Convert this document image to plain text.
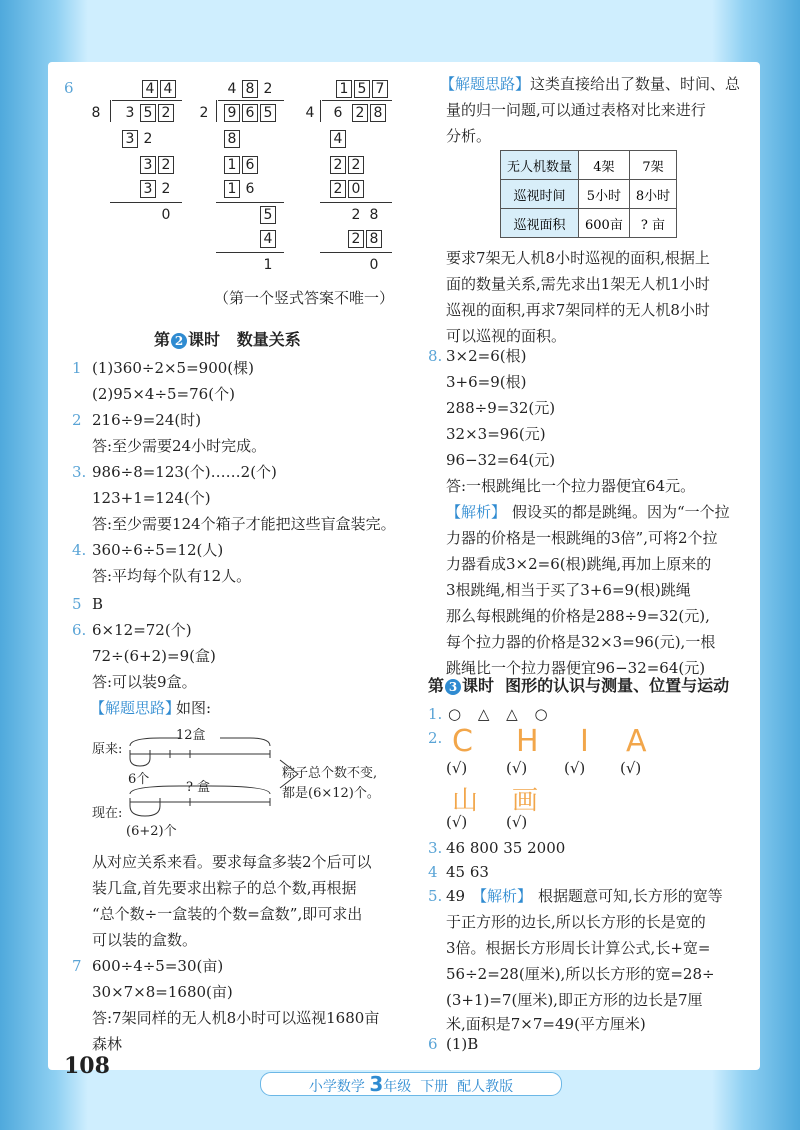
6	4 4
8 3 5 2
3 2
3 2
3 2
0
4 8 2
2 9 6 5
8
1 6
1 6
5
4
1
1 5 7
4 6 2 8
4
2 2
2 0
2 8
2 8
0
（第一个竖式答案不唯一）
第 2 课时 数量关系
1 (1)360÷2×5=900(棵)
(2)95×4÷5=76(个)
2 216÷9=24(时)
答:至少需要24小时完成。
3. 986÷8=123(个)……2(个)
123+1=124(个)
答:至少需要124个箱子才能把这些盲盒装完。
4. 360÷6÷5=12(人)
答:平均每个队有12人。
5 B
6. 6×12=72(个)
72÷(6+2)=9(盒)
答:可以装9盒。
【解题思路】
如图:
原来:
12盒
6个
? 盒
现在:
(6+2)个
粽子总个数不变,
都是(6×12)个。
从对应关系来看。要求每盒多装2个后可以
装几盒,首先要求出粽子的总个数,再根据
“总个数÷一盒装的个数=盒数”,即可求出
可以装的盒数。
7 600÷4÷5=30(亩)
30×7×8=1680(亩)
答:7架同样的无人机8小时可以巡视1680亩
森林
【解题思路】 这类直接给出了数量、时间、总
量的归一问题,可以通过表格对比来进行
分析。
无人机数量	4架	7架
巡视时间	5小时	8小时
巡视面积	600亩	? 亩
要求7架无人机8小时巡视的面积,根据上
面的数量关系,需先求出1架无人机1小时
巡视的面积,再求7架同样的无人机8小时
可以巡视的面积。
8. 3×2=6(根)
3+6=9(根)
288÷9=32(元)
32×3=96(元)
96−32=64(元)
答:一根跳绳比一个拉力器便宜64元。
【解析】 假设买的都是跳绳。因为“一个拉
力器的价格是一根跳绳的3倍”,可将2个拉
力器看成3×2=6(根)跳绳,再加上原来的
3根跳绳,相当于买了3+6=9(根)跳绳
那么每根跳绳的价格是288÷9=32(元),
每个拉力器的价格是32×3=96(元),一根
跳绳比一个拉力器便宜96−32=64(元)
第 3 课时 图形的认识与测量、位置与运动
1. ○ △ △ ○
2. C H I A
(√)	(√) (√) (√)
山 画
(√)	(√)
3. 46 800 35 2000
4 45 63
5. 49 【解析】 根据题意可知,长方形的宽等
于正方形的边长,所以长方形的长是宽的
3倍。根据长方形周长计算公式,长+宽=
56÷2=28(厘米),所以长方形的宽=28÷
(3+1)=7(厘米),即正方形的边长是7厘
米,面积是7×7=49(平方厘米)
6 (1)B
108
小学数学 3年级 下册 配人教版
